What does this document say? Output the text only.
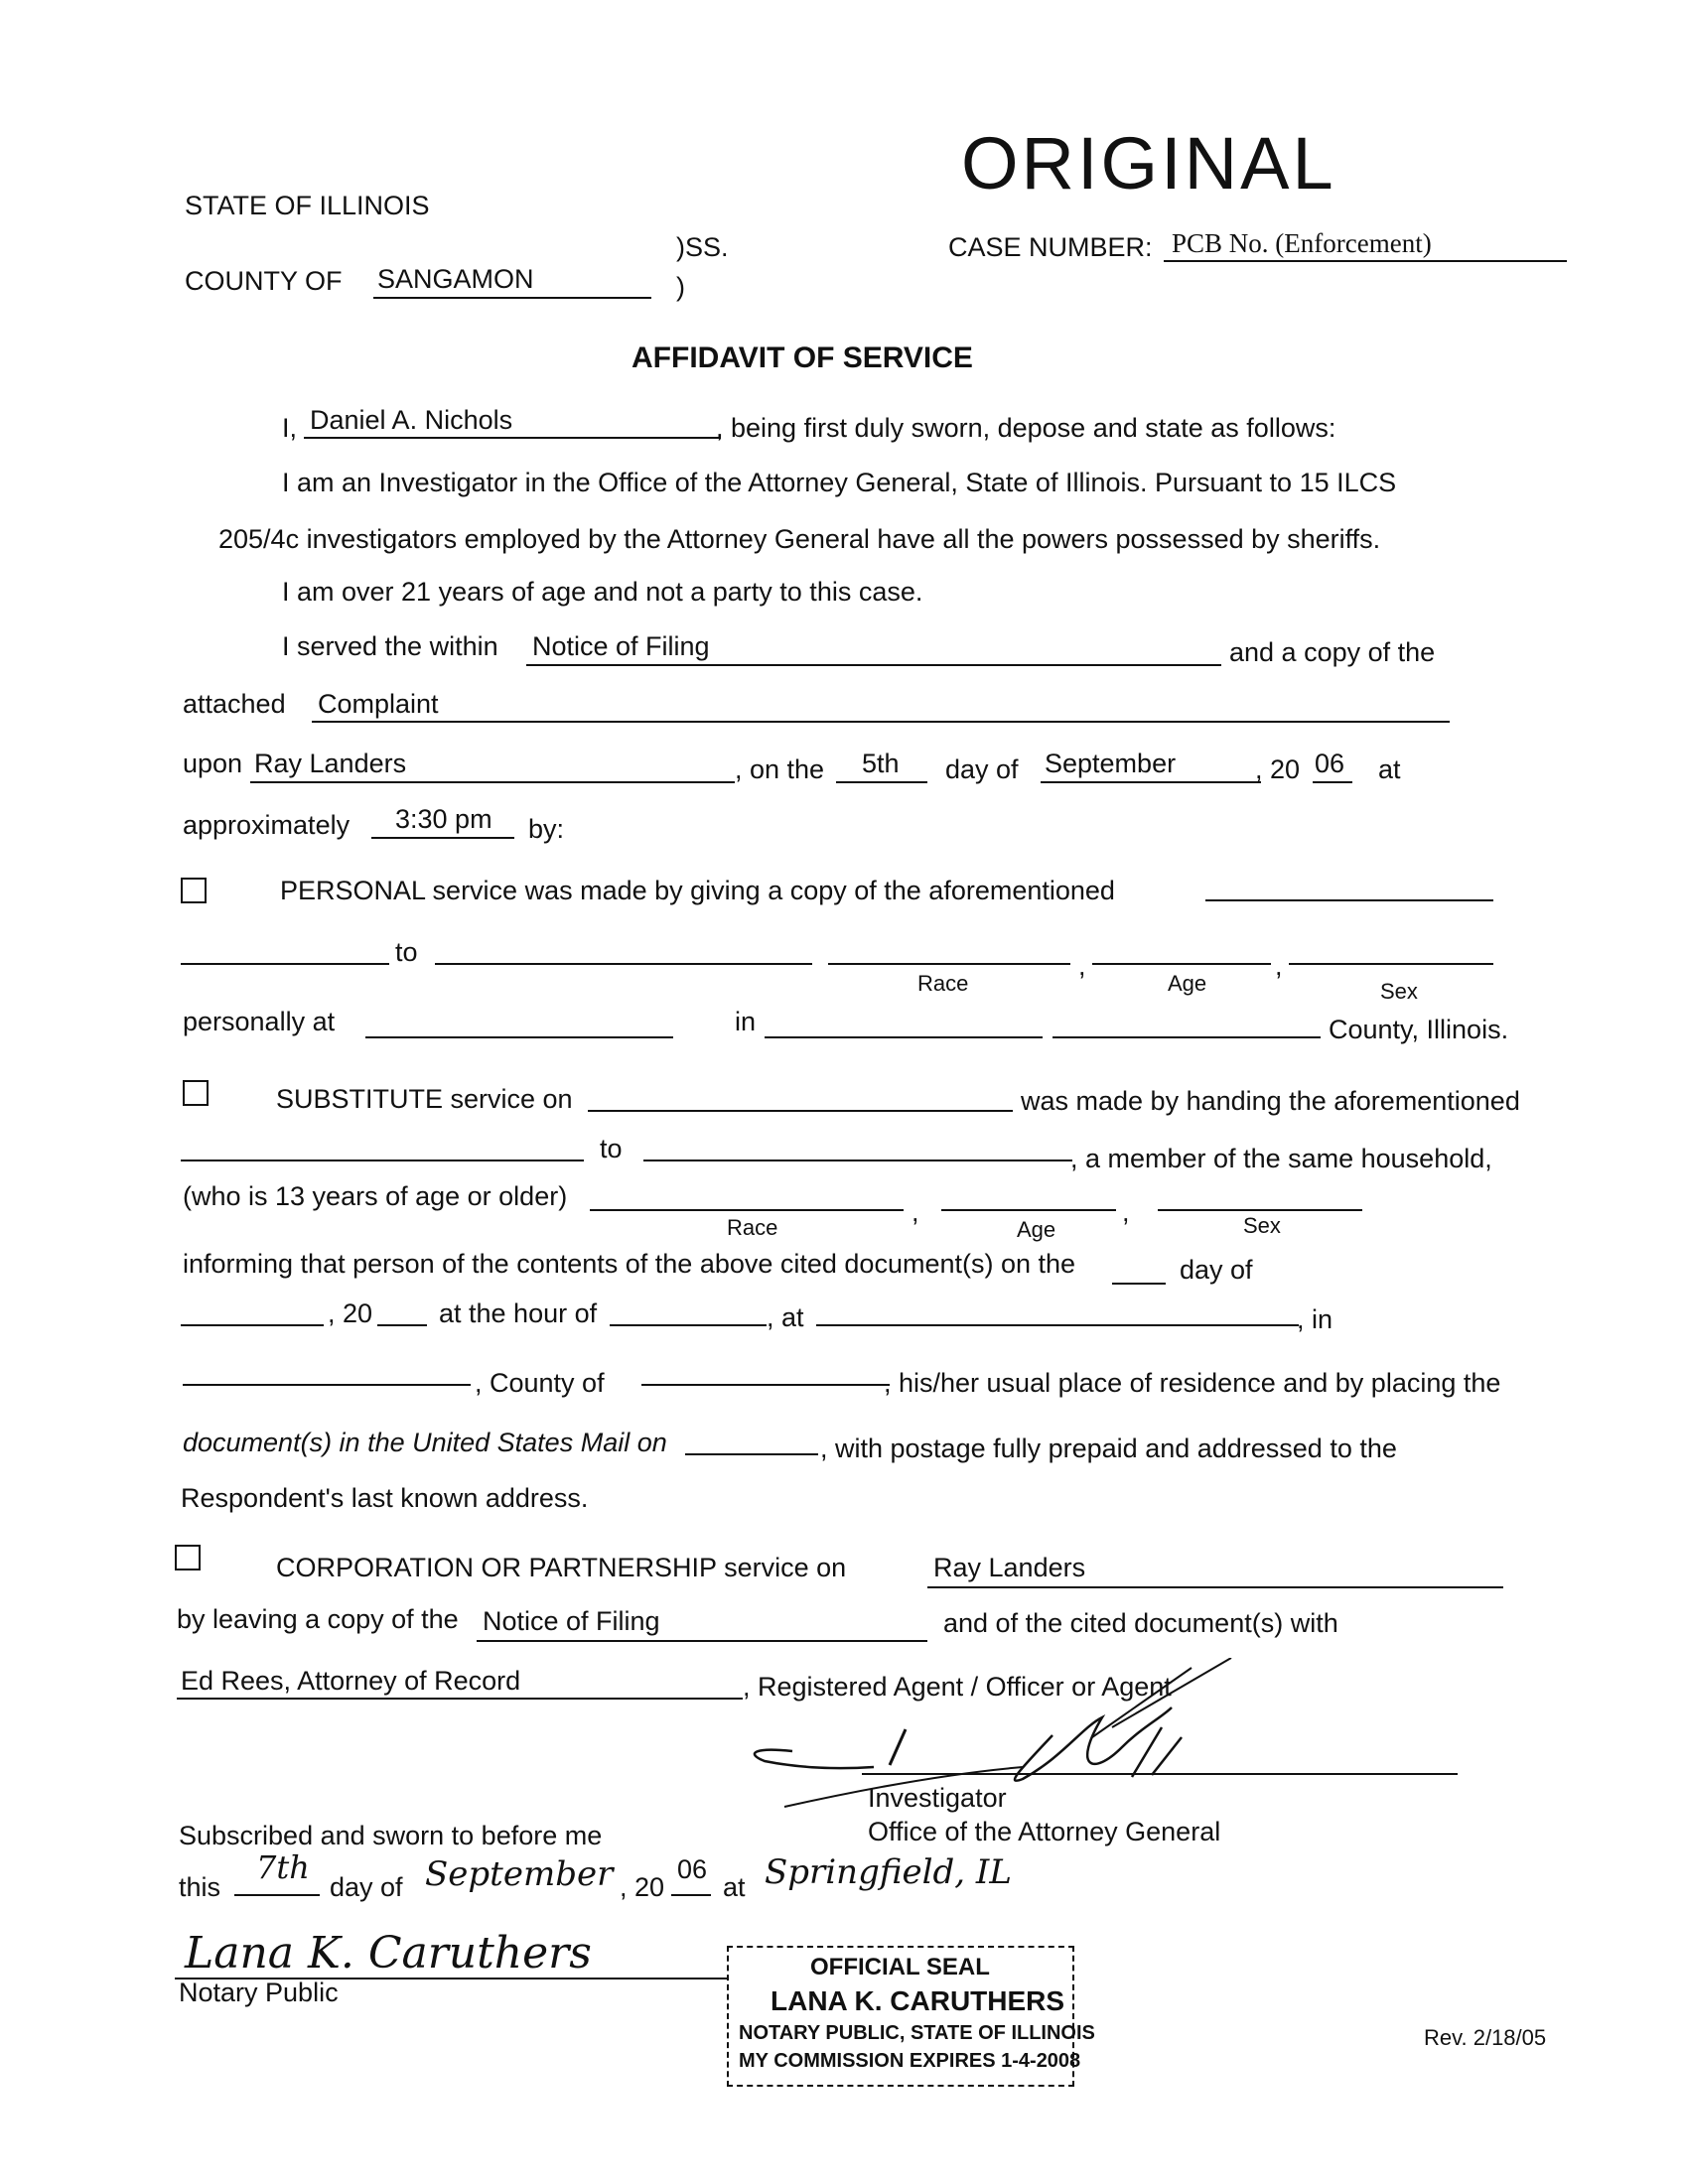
ORIGINAL
STATE OF ILLINOIS
)SS.
)
COUNTY OF SANGAMON
CASE NUMBER: PCB No. (Enforcement)
AFFIDAVIT OF SERVICE
I, Daniel A. Nichols	, being first duly sworn, depose and state as follows:
I am an Investigator in the Office of the Attorney General, State of Illinois. Pursuant to 15 ILCS
205/4c investigators employed by the Attorney General have all the powers possessed by sheriffs.
I am over 21 years of age and not a party to this case.
I served the within Notice of Filing	and a copy of the
attached Complaint
upon Ray Landers	, on the 5th day of September	, 20 06 at
approximately 3:30 pm by:
PERSONAL service was made by giving a copy of the aforementioned
to	,	,
Race	Age	Sex
personally at	in	County, Illinois.
SUBSTITUTE service on	was made by handing the aforementioned
to	, a member of the same household,
(who is 13 years of age or older)
,	,
Race	Age	Sex
informing that person of the contents of the above cited document(s) on the	day of
, 20 at the hour of	, at	, in
, County of	, his/her usual place of residence and by placing the
document(s) in the United States Mail on	, with postage fully prepaid and addressed to the
Respondent's last known address.
CORPORATION OR PARTNERSHIP service on	Ray Landers
by leaving a copy of the Notice of Filing	and of the cited document(s) with
Ed Rees, Attorney of Record	, Registered Agent / Officer or Agent
Investigator
Office of the Attorney General
Subscribed and sworn to before me
this
7th
day of September , 20
06
at Springfield, IL
Lana K. Caruthers
Notary Public
OFFICIAL SEAL
LANA K. CARUTHERS
NOTARY PUBLIC, STATE OF ILLINOIS
MY COMMISSION EXPIRES 1-4-2008
Rev. 2/18/05
